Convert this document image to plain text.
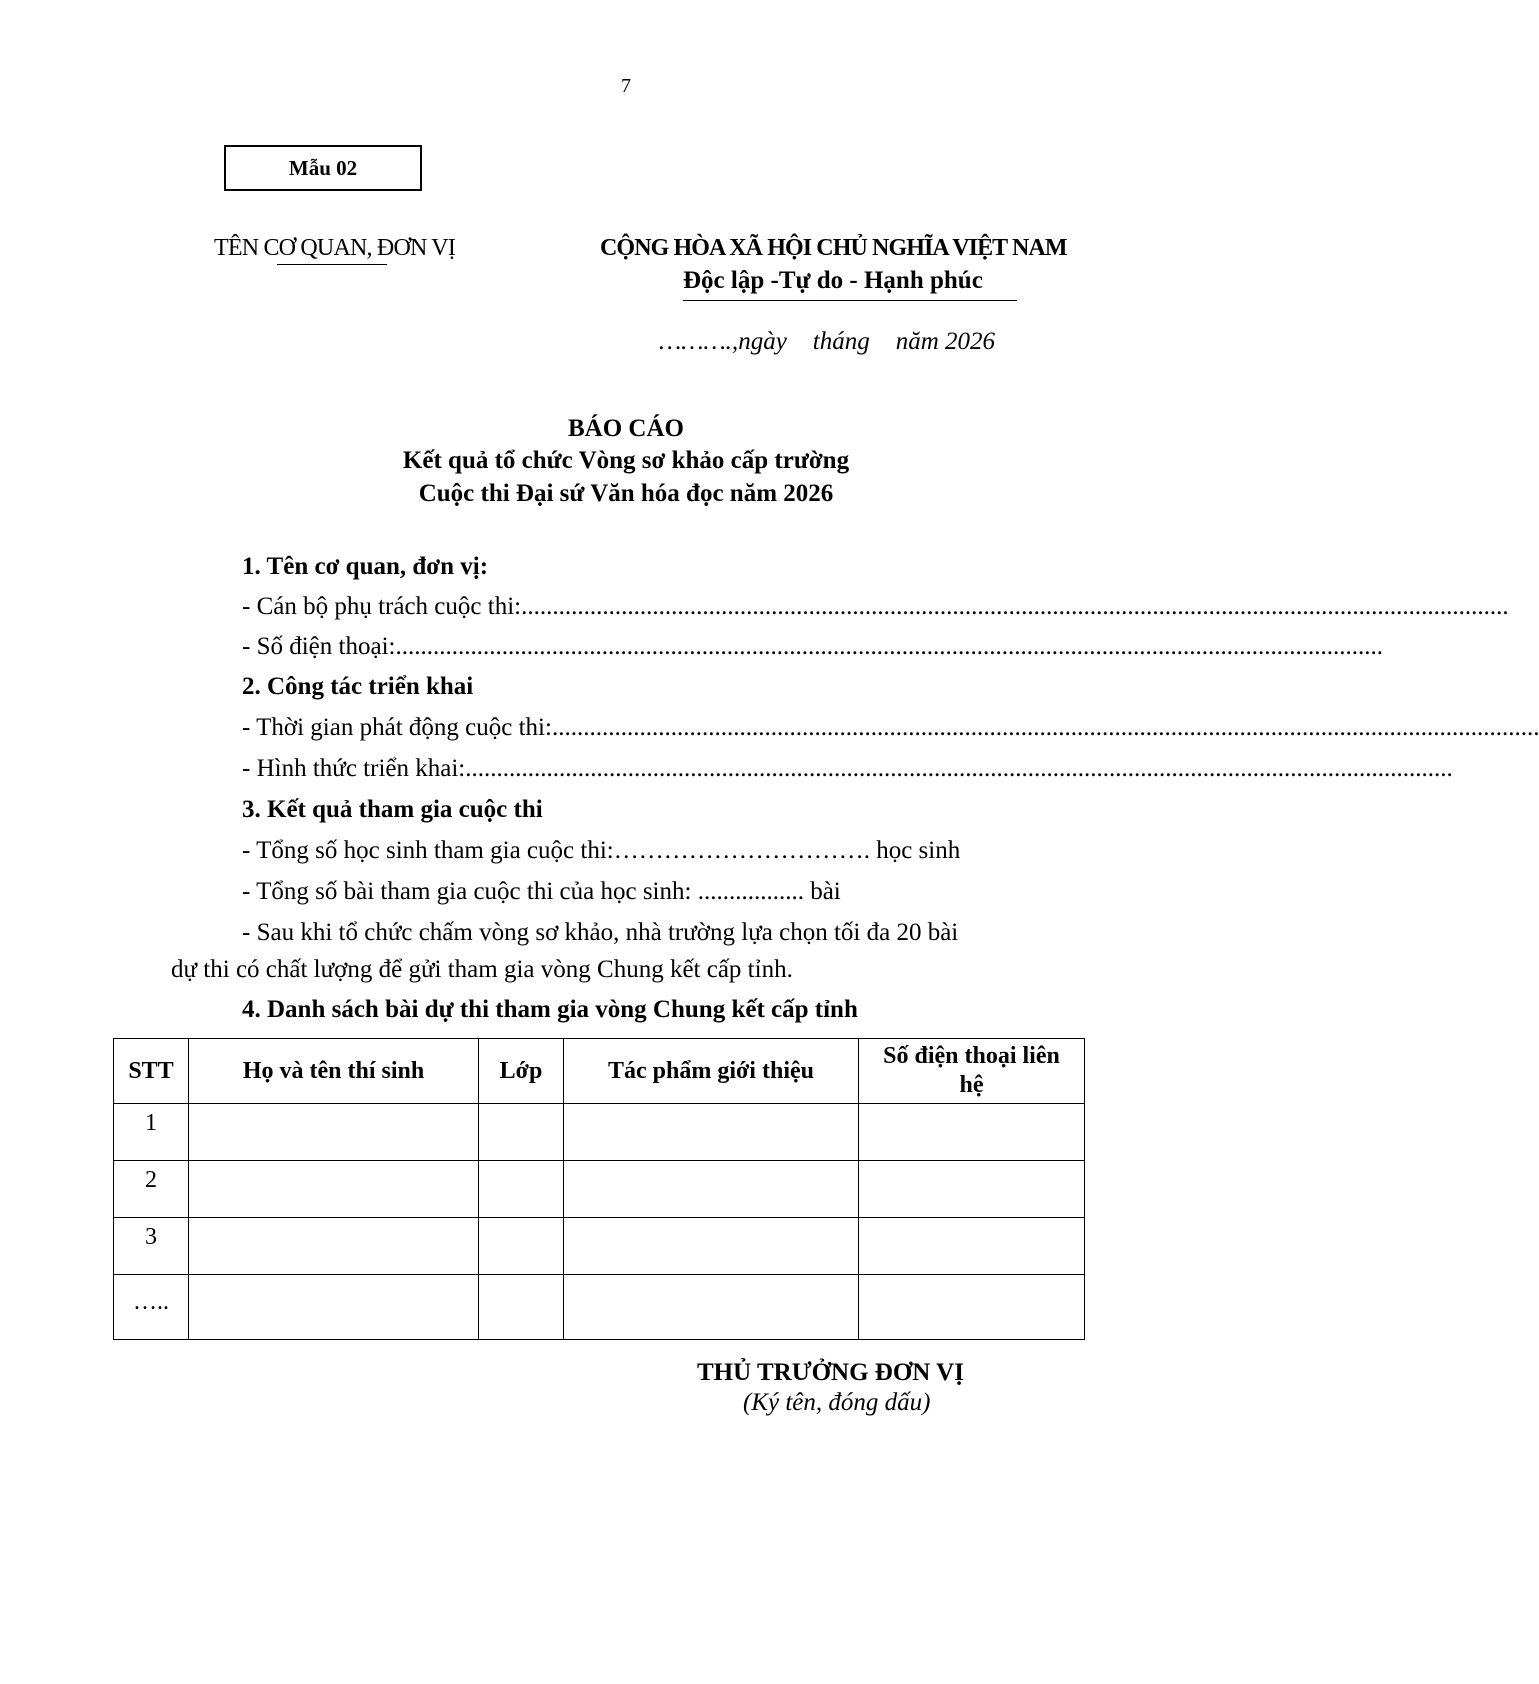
7
Mẫu 02
TÊN CƠ QUAN, ĐƠN VỊ	CỘNG HÒA XÃ HỘI CHỦ NGHĨA VIỆT NAM
Độc lập -Tự do - Hạnh phúc
……….,ngày tháng năm 2026
BÁO CÁO
Kết quả tổ chức Vòng sơ khảo cấp trường
Cuộc thi Đại sứ Văn hóa đọc năm 2026
1. Tên cơ quan, đơn vị:
- Cán bộ phụ trách cuộc thi: ..............................................................................................................................................................
- Số điện thoại: ..............................................................................................................................................................
2. Công tác triển khai
- Thời gian phát động cuộc thi: ..............................................................................................................................................................
- Hình thức triển khai: ..............................................................................................................................................................
3. Kết quả tham gia cuộc thi
- Tổng số học sinh tham gia cuộc thi:…………………………. học sinh
- Tổng số bài tham gia cuộc thi của học sinh: ................. bài
- Sau khi tổ chức chấm vòng sơ khảo, nhà trường lựa chọn tối đa 20 bài
dự thi có chất lượng để gửi tham gia vòng Chung kết cấp tỉnh.
4. Danh sách bài dự thi tham gia vòng Chung kết cấp tỉnh
STT	Họ và tên thí sinh	Lớp	Tác phẩm giới thiệu	Số điện thoại liên hệ
1				
2				
3				
…..				
THỦ TRƯỞNG ĐƠN VỊ
(Ký tên, đóng dấu)
